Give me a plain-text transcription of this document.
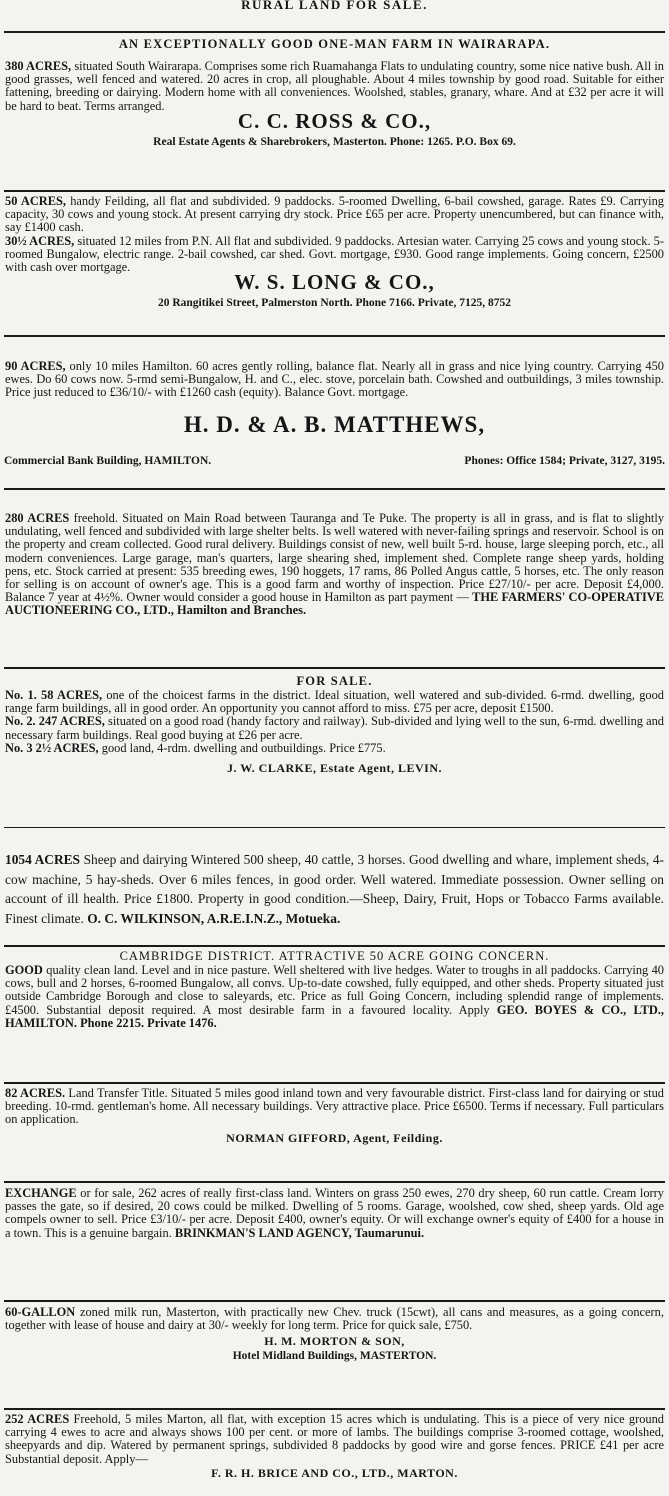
RURAL LAND FOR SALE.

AN EXCEPTIONALLY GOOD ONE-MAN FARM IN WAIRARAPA.

380 ACRES, situated South Wairarapa. Comprises some rich Ruamahanga Flats to undulating country, some nice native bush. All in good grasses, well fenced and watered. 20 acres in crop, all ploughable. About 4 miles township by good road. Suitable for either fattening, breeding or dairying. Modern home with all conveniences. Woolshed, stables, granary, whare. And at £32 per acre it will be hard to beat. Terms arranged.

C. C. ROSS & CO.,

Real Estate Agents & Sharebrokers, Masterton. Phone: 1265. P.O. Box 69.

50 ACRES, handy Feilding, all flat and subdivided. 9 paddocks. 5-roomed Dwelling, 6-bail cowshed, garage. Rates £9. Carrying capacity, 30 cows and young stock. At present carrying dry stock. Price £65 per acre. Property unencumbered, but can finance with, say £1400 cash.

30½ ACRES, situated 12 miles from P.N. All flat and subdivided. 9 paddocks. Artesian water. Carrying 25 cows and young stock. 5-roomed Bungalow, electric range. 2-bail cowshed, car shed. Govt. mortgage, £930. Good range implements. Going concern, £2500 with cash over mortgage.

W. S. LONG & CO.,

20 Rangitikei Street, Palmerston North. Phone 7166. Private, 7125, 8752

90 ACRES, only 10 miles Hamilton. 60 acres gently rolling, balance flat. Nearly all in grass and nice lying country. Carrying 450 ewes. Do 60 cows now. 5-rmd semi-Bungalow, H. and C., elec. stove, porcelain bath. Cowshed and outbuildings, 3 miles township. Price just reduced to £36/10/- with £1260 cash (equity). Balance Govt. mortgage.

H. D. & A. B. MATTHEWS,

Commercial Bank Building, HAMILTON.	Phones: Office 1584; Private, 3127, 3195.

280 ACRES freehold. Situated on Main Road between Tauranga and Te Puke. The property is all in grass, and is flat to slightly undulating, well fenced and subdivided with large shelter belts. Is well watered with never-failing springs and reservoir. School is on the property and cream collected. Good rural delivery. Buildings consist of new, well built 5-rd. house, large sleeping porch, etc., all modern conveniences. Large garage, man's quarters, large shearing shed, implement shed. Complete range sheep yards, holding pens, etc. Stock carried at present: 535 breeding ewes, 190 hoggets, 17 rams, 86 Polled Angus cattle, 5 horses, etc. The only reason for selling is on account of owner's age. This is a good farm and worthy of inspection. Price £27/10/- per acre. Deposit £4,000. Balance 7 year at 4½%. Owner would consider a good house in Hamilton as part payment — THE FARMERS' CO-OPERATIVE AUCTIONEERING CO., LTD., Hamilton and Branches.

FOR SALE.

No. 1. 58 ACRES, one of the choicest farms in the district. Ideal situation, well watered and sub-divided. 6-rmd. dwelling, good range farm buildings, all in good order. An opportunity you cannot afford to miss. £75 per acre, deposit £1500.

No. 2. 247 ACRES, situated on a good road (handy factory and railway). Sub-divided and lying well to the sun, 6-rmd. dwelling and necessary farm buildings. Real good buying at £26 per acre.

No. 3 2½ ACRES, good land, 4-rdm. dwelling and outbuildings. Price £775.

J. W. CLARKE, Estate Agent, LEVIN.

1054 ACRES Sheep and dairying Wintered 500 sheep, 40 cattle, 3 horses. Good dwelling and whare, implement sheds, 4-cow machine, 5 hay-sheds. Over 6 miles fences, in good order. Well watered. Immediate possession. Owner selling on account of ill health. Price £1800. Property in good condition.—Sheep, Dairy, Fruit, Hops or Tobacco Farms available. Finest climate. O. C. WILKINSON, A.R.E.I.N.Z., Motueka.

CAMBRIDGE DISTRICT. ATTRACTIVE 50 ACRE GOING CONCERN.

GOOD quality clean land. Level and in nice pasture. Well sheltered with live hedges. Water to troughs in all paddocks. Carrying 40 cows, bull and 2 horses, 6-roomed Bungalow, all convs. Up-to-date cowshed, fully equipped, and other sheds. Property situated just outside Cambridge Borough and close to saleyards, etc. Price as full Going Concern, including splendid range of implements. £4500. Substantial deposit required. A most desirable farm in a favoured locality. Apply GEO. BOYES & CO., LTD., HAMILTON. Phone 2215. Private 1476.

82 ACRES. Land Transfer Title. Situated 5 miles good inland town and very favourable district. First-class land for dairying or stud breeding. 10-rmd. gentleman's home. All necessary buildings. Very attractive place. Price £6500. Terms if necessary. Full particulars on application.

NORMAN GIFFORD, Agent, Feilding.

EXCHANGE or for sale, 262 acres of really first-class land. Winters on grass 250 ewes, 270 dry sheep, 60 run cattle. Cream lorry passes the gate, so if desired, 20 cows could be milked. Dwelling of 5 rooms. Garage, woolshed, cow shed, sheep yards. Old age compels owner to sell. Price £3/10/- per acre. Deposit £400, owner's equity. Or will exchange owner's equity of £400 for a house in a town. This is a genuine bargain. BRINKMAN'S LAND AGENCY, Taumarunui.

60-GALLON zoned milk run, Masterton, with practically new Chev. truck (15cwt), all cans and measures, as a going concern, together with lease of house and dairy at 30/- weekly for long term. Price for quick sale, £750.

H. M. MORTON & SON,

Hotel Midland Buildings, MASTERTON.

252 ACRES Freehold, 5 miles Marton, all flat, with exception 15 acres which is undulating. This is a piece of very nice ground carrying 4 ewes to acre and always shows 100 per cent. or more of lambs. The buildings comprise 3-roomed cottage, woolshed, sheepyards and dip. Watered by permanent springs, subdivided 8 paddocks by good wire and gorse fences. PRICE £41 per acre Substantial deposit. Apply—

F. R. H. BRICE AND CO., LTD., MARTON.
